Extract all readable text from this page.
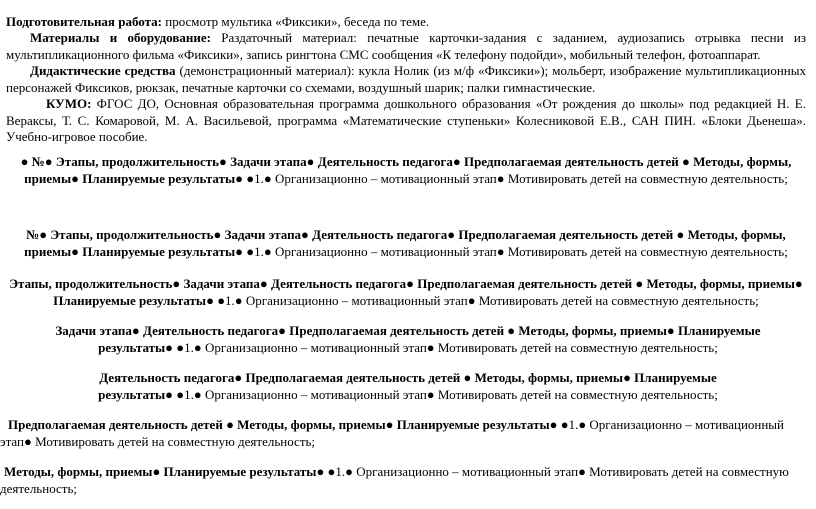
Подготовительная работа: просмотр мультика «Фиксики», беседа по теме.

Материалы и оборудование: Раздаточный материал: печатные карточки-задания с заданием, аудиозапись отрывка песни из мультипликационного фильма «Фиксики», запись рингтона СМС сообщения «К телефону подойди», мобильный телефон, фотоаппарат.

Дидактические средства (демонстрационный материал): кукла Нолик (из м/ф «Фиксики»); мольберт, изображение мультипликационных персонажей Фиксиков, рюкзак, печатные карточки со схемами, воздушный шарик; палки гимнастические.

КУМО: ФГОС ДО, Основная образовательная программа дошкольного образования «От рождения до школы» под редакцией Н. Е. Вераксы, Т. С. Комаровой, М. А. Васильевой, программа «Математические ступеньки» Колесниковой Е.В., САН ПИН. «Блоки Дьенеша». Учебно-игровое пособие.

● №● Этапы, продолжительность● Задачи этапа● Деятельность педагога● Предполагаемая деятельность детей ● Методы, формы, приемы● Планируемые результаты● ●1.● Организационно – мотивационный этап● Мотивировать детей на совместную деятельность;

№● Этапы, продолжительность● Задачи этапа● Деятельность педагога● Предполагаемая деятельность детей ● Методы, формы, приемы● Планируемые результаты● ●1.● Организационно – мотивационный этап● Мотивировать детей на совместную деятельность;

Этапы, продолжительность● Задачи этапа● Деятельность педагога● Предполагаемая деятельность детей ● Методы, формы, приемы● Планируемые результаты● ●1.● Организационно – мотивационный этап● Мотивировать детей на совместную деятельность;

Задачи этапа● Деятельность педагога● Предполагаемая деятельность детей ● Методы, формы, приемы● Планируемые результаты● ●1.● Организационно – мотивационный этап● Мотивировать детей на совместную деятельность;

Деятельность педагога● Предполагаемая деятельность детей ● Методы, формы, приемы● Планируемые результаты● ●1.● Организационно – мотивационный этап● Мотивировать детей на совместную деятельность;

Предполагаемая деятельность детей ● Методы, формы, приемы● Планируемые результаты● ●1.● Организационно – мотивационный этап● Мотивировать детей на совместную деятельность;

Методы, формы, приемы● Планируемые результаты● ●1.● Организационно – мотивационный этап● Мотивировать детей на совместную деятельность;
